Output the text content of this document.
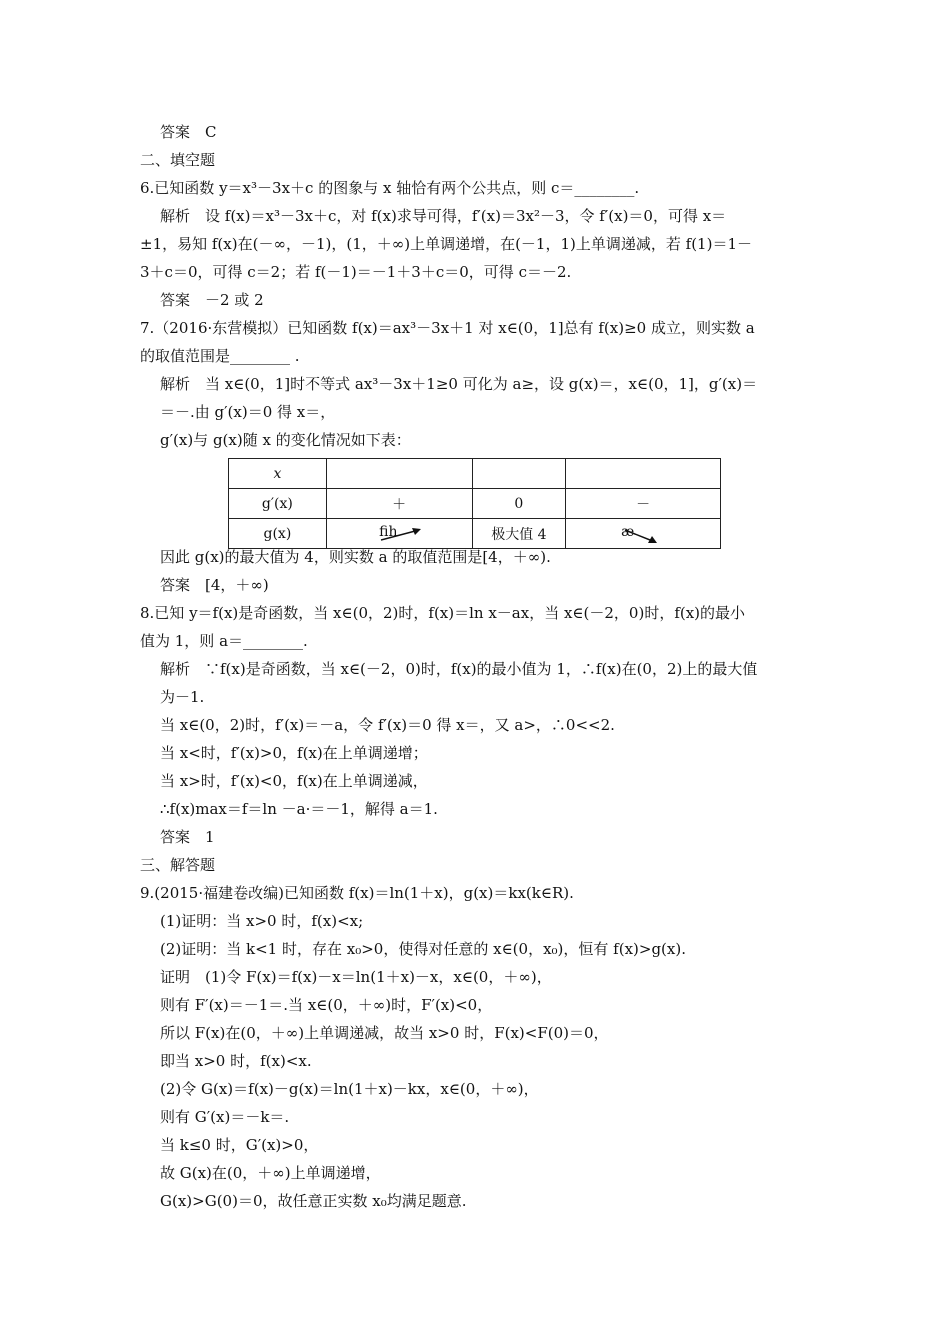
答案　C
二、填空题
6.已知函数 y＝x³－3x＋c 的图象与 x 轴恰有两个公共点，则 c＝________.
解析　设 f(x)＝x³－3x＋c，对 f(x)求导可得，f′(x)＝3x²－3，令 f′(x)＝0，可得 x＝
±1，易知 f(x)在(－∞，－1)，(1，＋∞)上单调递增，在(－1，1)上单调递减，若 f(1)＝1－
3＋c＝0，可得 c＝2；若 f(－1)＝－1＋3＋c＝0，可得 c＝－2.
答案　－2 或 2
7.（2016·东营模拟）已知函数 f(x)＝ax³－3x＋1 对 x∈(0，1]总有 f(x)≥0 成立，则实数 a
的取值范围是________ .
解析　当 x∈(0，1]时不等式 ax³－3x＋1≥0 可化为 a≥，设 g(x)＝，x∈(0，1]，g′(x)＝
＝－.由 g′(x)＝0 得 x＝，
g′(x)与 g(x)随 x 的变化情况如下表：
x			
g′(x)	＋	0	－
g(x)	ﬁh	极大值 4	æ
因此 g(x)的最大值为 4，则实数 a 的取值范围是[4，＋∞).
答案　[4，＋∞)
8.已知 y＝f(x)是奇函数，当 x∈(0，2)时，f(x)＝ln x－ax，当 x∈(－2，0)时，f(x)的最小
值为 1，则 a＝________.
解析　∵f(x)是奇函数，当 x∈(－2，0)时，f(x)的最小值为 1，∴f(x)在(0，2)上的最大值
为－1.
当 x∈(0，2)时，f′(x)＝－a，令 f′(x)＝0 得 x＝，又 a>，∴0<<2.
当 x<时，f′(x)>0，f(x)在上单调递增；
当 x>时，f′(x)<0，f(x)在上单调递减，
∴f(x)max＝f＝ln －a·＝－1，解得 a＝1.
答案　1
三、解答题
9.(2015·福建卷改编)已知函数 f(x)＝ln(1＋x)，g(x)＝kx(k∈R).
(1)证明：当 x>0 时，f(x)<x;
(2)证明：当 k<1 时，存在 x₀>0，使得对任意的 x∈(0，x₀)，恒有 f(x)>g(x).
证明　(1)令 F(x)＝f(x)－x＝ln(1＋x)－x，x∈(0，＋∞)，
则有 F′(x)＝－1＝.当 x∈(0，＋∞)时，F′(x)<0，
所以 F(x)在(0，＋∞)上单调递减，故当 x>0 时，F(x)<F(0)＝0，
即当 x>0 时，f(x)<x.
(2)令 G(x)＝f(x)－g(x)＝ln(1＋x)－kx，x∈(0，＋∞)，
则有 G′(x)＝－k＝.
当 k≤0 时，G′(x)>0，
故 G(x)在(0，＋∞)上单调递增，
G(x)>G(0)＝0，故任意正实数 x₀均满足题意.
